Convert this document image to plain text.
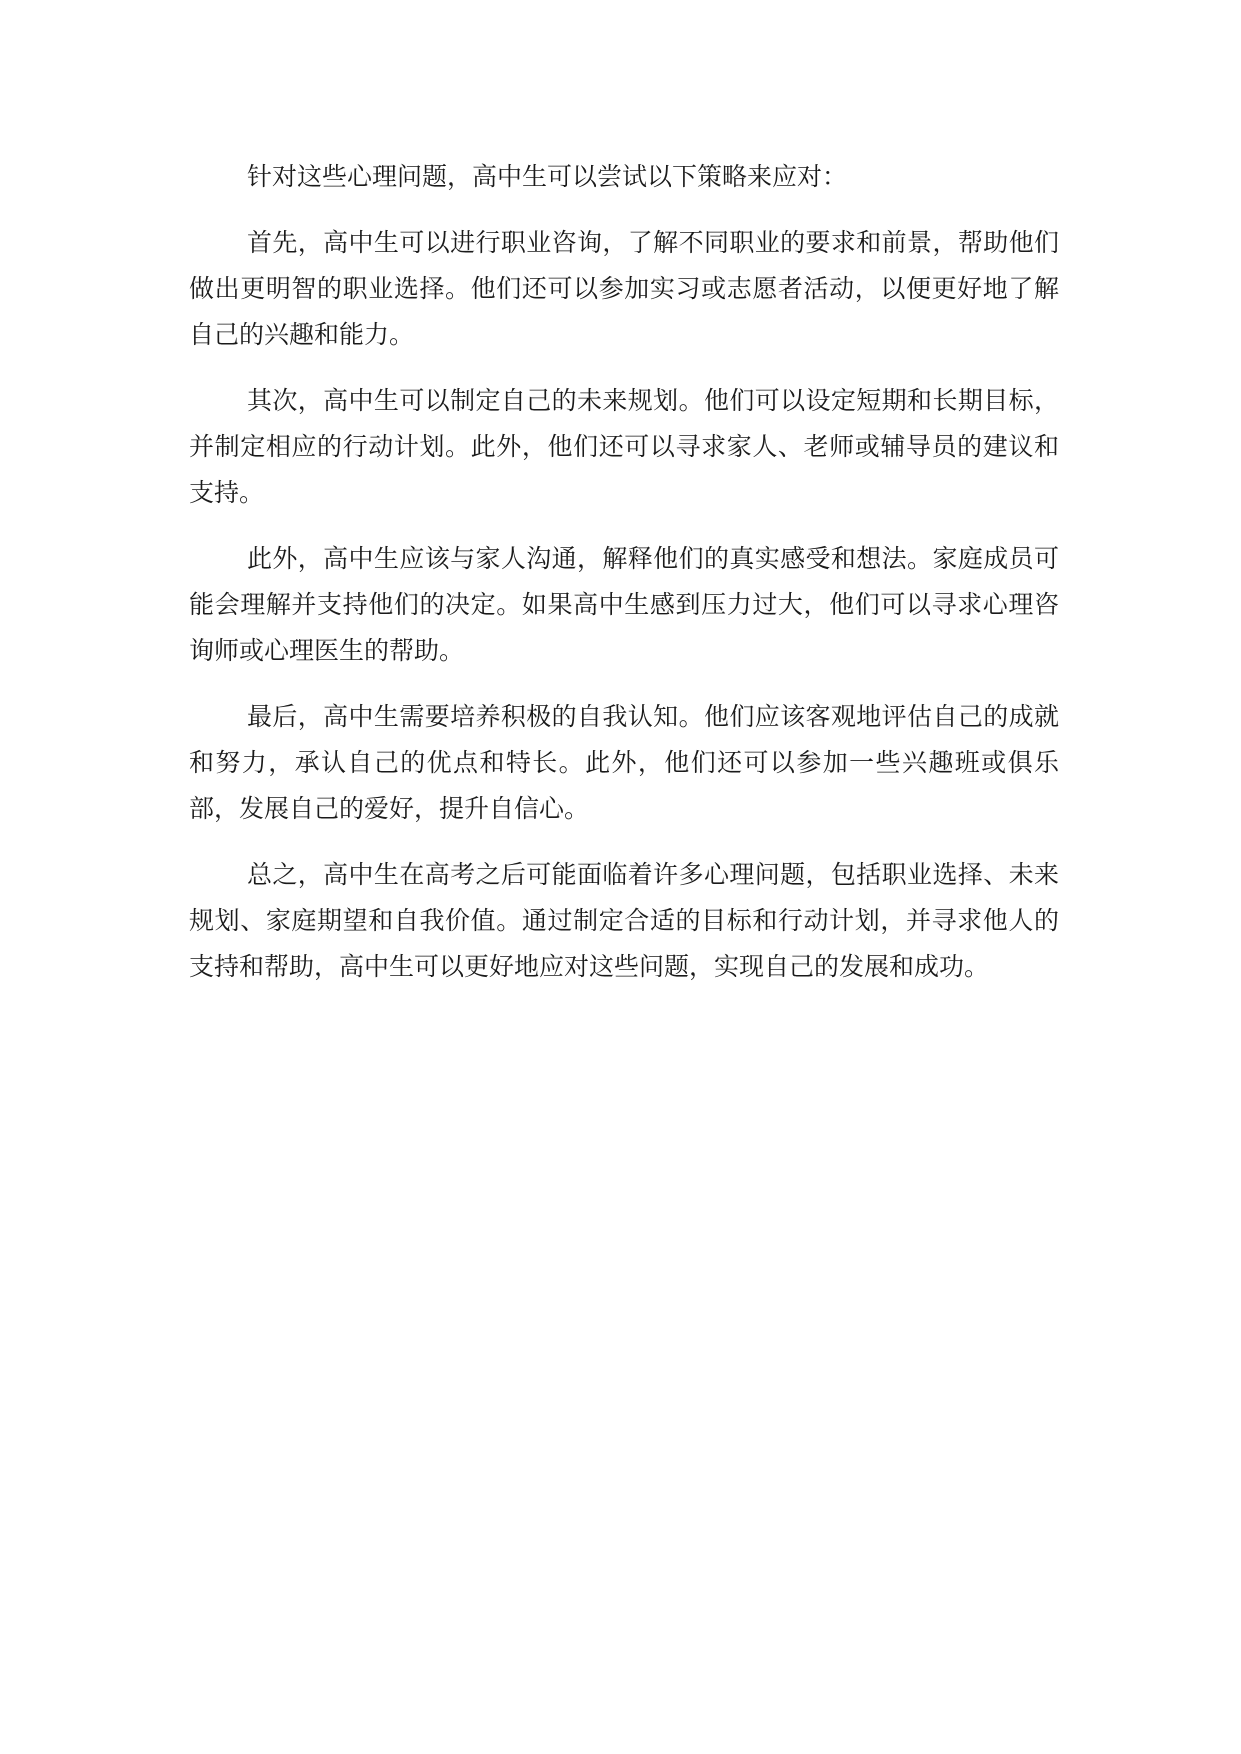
针对这些心理问题，高中生可以尝试以下策略来应对：

首先，高中生可以进行职业咨询，了解不同职业的要求和前景，帮助他们做出更明智的职业选择。他们还可以参加实习或志愿者活动，以便更好地了解自己的兴趣和能力。

其次，高中生可以制定自己的未来规划。他们可以设定短期和长期目标，并制定相应的行动计划。此外，他们还可以寻求家人、老师或辅导员的建议和支持。

此外，高中生应该与家人沟通，解释他们的真实感受和想法。家庭成员可能会理解并支持他们的决定。如果高中生感到压力过大，他们可以寻求心理咨询师或心理医生的帮助。

最后，高中生需要培养积极的自我认知。他们应该客观地评估自己的成就和努力，承认自己的优点和特长。此外，他们还可以参加一些兴趣班或俱乐部，发展自己的爱好，提升自信心。

总之，高中生在高考之后可能面临着许多心理问题，包括职业选择、未来规划、家庭期望和自我价值。通过制定合适的目标和行动计划，并寻求他人的支持和帮助，高中生可以更好地应对这些问题，实现自己的发展和成功。
